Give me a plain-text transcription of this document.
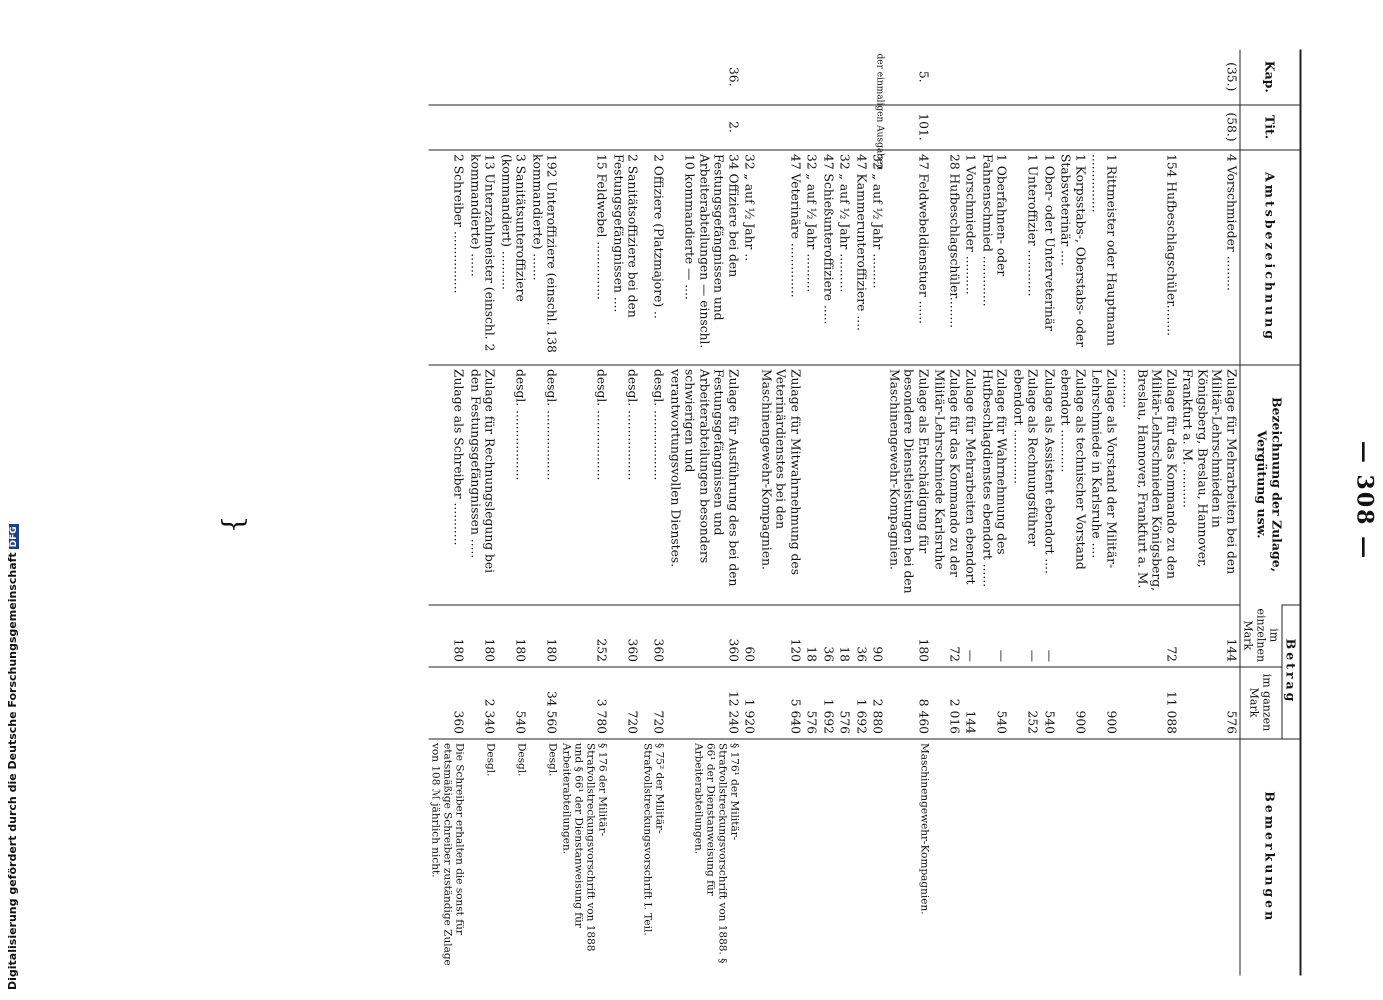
— 308 —
Kap.	Tit.	Amtsbezeichnung	Bezeichnung der Zulage, Vergütung usw.	Betrag		Bemerkungen
				im einzelnen Mark	im ganzen Mark	
(35.)	(58.)	4 Vorschmieder .........	Zulage für Mehrarbeiten bei den Militär-Lehrschmieden in Königsberg, Breslau, Hannover, Frankfurt a. M. ..........	144	576	
		154 Hufbeschlagschüler........	Zulage für das Kommando zu den Militär-Lehrschmieden Königsberg, Breslau, Hannover, Frankfurt a. M. ..........	72	11 088	
		1 Rittmeister oder Hauptmann ...............	Zulage als Vorstand der Militär-Lehrschmiede in Karlsruhe ....		900	
		1 Korpsstabs-, Oberstabs- oder Stabsveterinär ....	Zulage als technischer Vorstand ebendort ...........		900	
		1 Ober- oder Unterveterinär	Zulage als Assistent ebendort ....	—	540	
		1 Unteroffizier ............	Zulage als Rechnungsführer ebendort ..............	—	252	
		1 Oberfahnen- oder Fahnenschmied .............	Zulage für Wahrnehmung des Hufbeschlagdienstes ebendort ......	—	540	
		1 Vorschmieder ..........	Zulage für Mehrarbeiten ebendort	—	144	
		28 Hufbeschlagschüler........	Zulage für das Kommando zu der Militär-Lehrschmiede Karlsruhe	72	2 016	
5.	101.	47 Feldwebeldienstuer ......	Zulage als Entschädigung für besondere Dienstleistungen bei den Maschinengewehr-Kompagnien.	180	8 460	Maschinengewehr-Kompagnien.
der einmaligen Ausgaben		32 „ auf ½ Jahr .........		90	2 880	
		47 Kammerunteroffiziere ....		36	1 692	
		32 „ auf ½ Jahr ..........		18	576	
		47 Schießunteroffiziere .....		36	1 692	
		32 „ auf ½ Jahr ..........		18	576	
		47 Veterinäre ..............	Zulage für Mitwahrnehmung des Veterinärdienstes bei den Maschinengewehr-Kompagnien.	120	5 640	
		32 „ auf ½ Jahr ..		60	1 920	
36.	2.	34 Offiziere bei den Festungsgefängnissen und Arbeiterabteilungen — einschl. 10 kommandierte — ....	Zulage für Ausführung des bei den Festungsgefängnissen und Arbeiterabteilungen besonders schwierigen und verantwortungsvollen Dienstes.	360	12 240	§ 176¹ der Militär-Strafvollstreckungsvorschrift von 1888. § 66¹ der Dienstanweisung für Arbeiterabteilungen.
		2 Offiziere (Platzmajore) ..	desgl. ..................	360	720	§ 75² der Militär-Strafvollstreckungsvorschrift I. Teil.
		2 Sanitätsoffiziere bei den Festungsgefängnissen ....	desgl. ..................	360	720	
		15 Feldwebel ...............	desgl. ..................	252	3 780	§ 176 der Militär-Strafvollstreckungsvorschrift von 1888 und § 66¹ der Dienstanweisung für Arbeiterabteilungen.
		192 Unteroffiziere (einschl. 138 kommandierte) .......	desgl. ..................	180	34 560	Desgl.
		3 Sanitätsunteroffiziere (kommandiert) ..........	desgl. ..................	180	540	Desgl.
		13 Unterzahlmeister (einschl. 2 kommandierte) ......	Zulage für Rechnungslegung bei den Festungsgefängnissen .....	180	2 340	Desgl.
		2 Schreiber ................	Zulage als Schreiber ...........	180	360	Die Schreiber erhalten die sonst für etatsmäßige Schreiber zuständige Zulage von 108 ℳ jährlich nicht.
}
Digitalisierung gefördert durch die Deutsche ForschungsgemeinschaftDFG
